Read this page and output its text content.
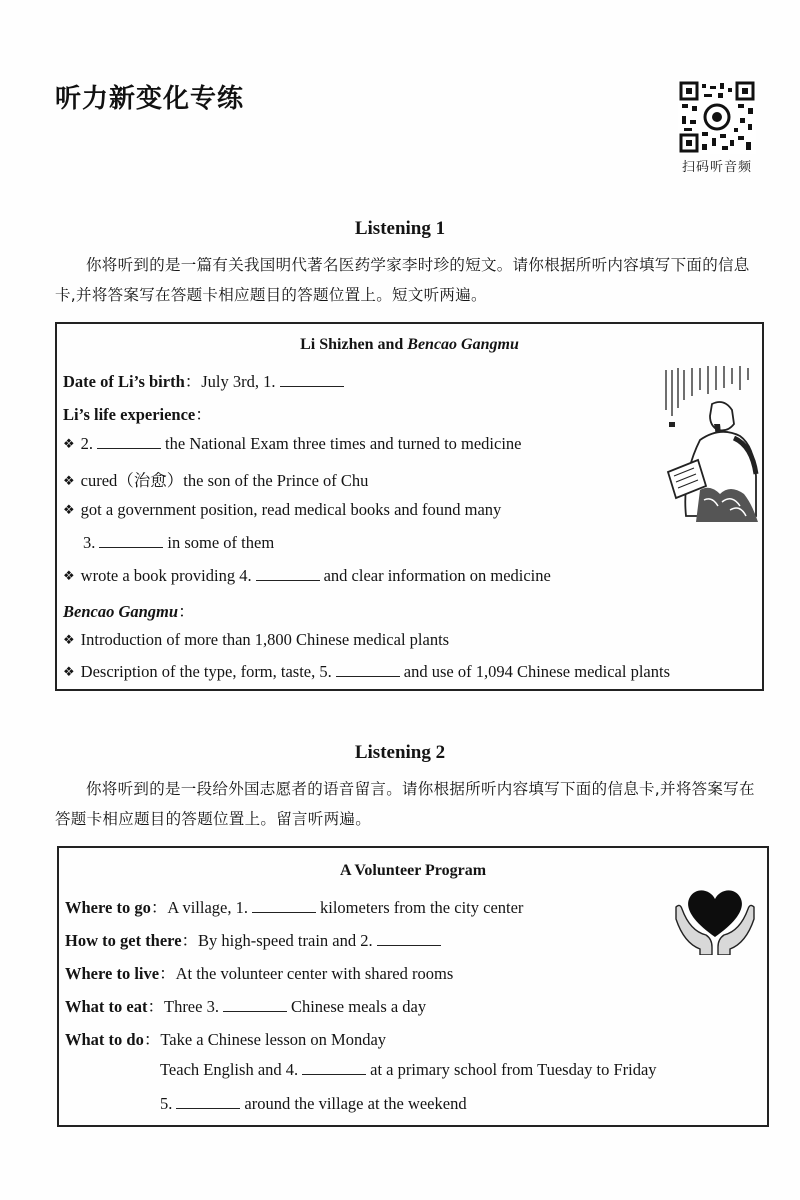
听力新变化专练
扫码听音频
Listening 1
你将听到的是一篇有关我国明代著名医药学家李时珍的短文。请你根据所听内容填写下面的信息卡,并将答案写在答题卡相应题目的答题位置上。短文听两遍。
Li Shizhen and Bencao Gangmu
Date of Li’s birth：July 3rd, 1.
Li’s life experience：
❖ 2.	the National Exam three times and turned to medicine
❖ cured（治愈）the son of the Prince of Chu
❖ got a government position, read medical books and found many
3.	in some of them
❖ wrote a book providing 4.	and clear information on medicine
Bencao Gangmu：
❖ Introduction of more than 1,800 Chinese medical plants
❖ Description of the type, form, taste, 5.	and use of 1,094 Chinese medical plants
Listening 2
你将听到的是一段给外国志愿者的语音留言。请你根据所听内容填写下面的信息卡,并将答案写在答题卡相应题目的答题位置上。留言听两遍。
A Volunteer Program
Where to go：A village, 1.	kilometers from the city center
How to get there：By high-speed train and 2.
Where to live：At the volunteer center with shared rooms
What to eat：Three 3.	Chinese meals a day
What to do：Take a Chinese lesson on Monday
Teach English and 4.	at a primary school from Tuesday to Friday
5.	around the village at the weekend
